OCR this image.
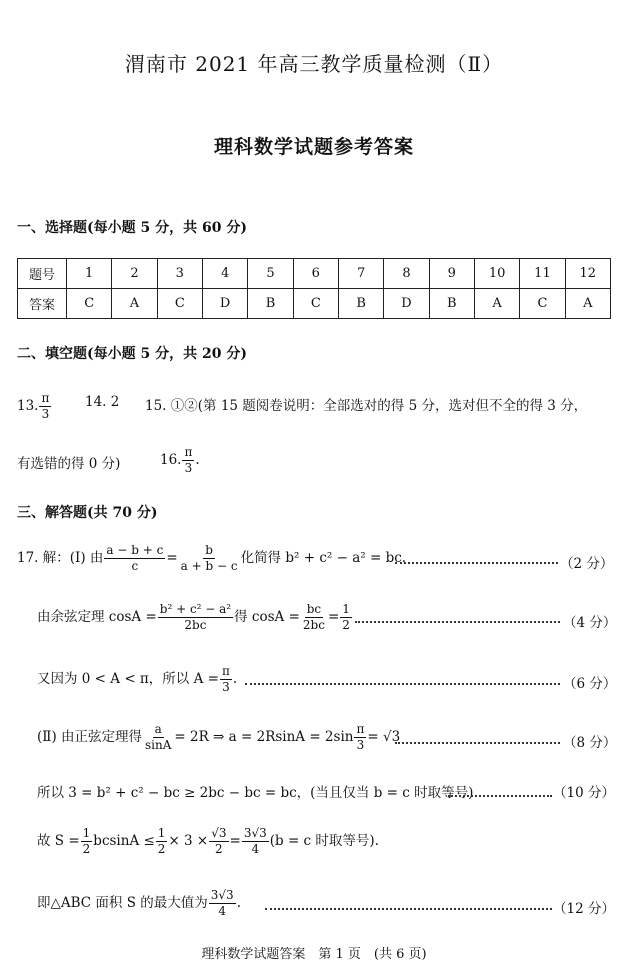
渭南市 2021 年高三教学质量检测（Ⅱ）
理科数学试题参考答案
一、选择题(每小题 5 分，共 60 分)
题号	1	2	3	4	5	6	7	8	9	10	11	12
答案	C	A	C	D	B	C	B	D	B	A	C	A
二、填空题(每小题 5 分，共 20 分)
13. $\frac{\pi}{3} 14$. 2 15. ①②(第 15 题阅卷说明：全部选对的得 5 分，选对但不全的得 3 分，
有选错的得 0 分)	16. $\frac{\pi}{3}$ .
三、解答题(共 70 分)
17. 解：(Ⅰ) 由 $\frac{a - b + c}{c} = \frac{b}{a + b - c}$ 化简得 b² + c² − a² = bc.	（2 分）
由余弦定理 $\cos A = \frac{\text{b² + c² − a²}}{2bc}$ 得 $\cos A = \frac{bc}{2bc} = \frac{1}{2}$	（4 分）
又因为 0 < A < π，所以 $A = \frac{\pi}{3}$ .	（6 分）
(Ⅱ) 由正弦定理得 $\frac{a}{\sin A} = 2R$ ⇒ $a = 2RsinA = 2\sin \frac{\pi}{3} = √3$	（8 分）
所以 3 = b² + c² − bc ≥ 2bc − bc = bc，(当且仅当 b = c 时取等号)	（10 分）
故 $S = \frac{1}{2}$ $bcsinA \le \frac{1}{2} \times 3 \times \frac{√3}{2} = \frac{3√3}{4} (b = c$ 时取等号).
即△ABC 面积 S 的最大值为 $\frac{3√3}{4}$ .	（12 分）
理科数学试题答案　第 1 页　(共 6 页)
